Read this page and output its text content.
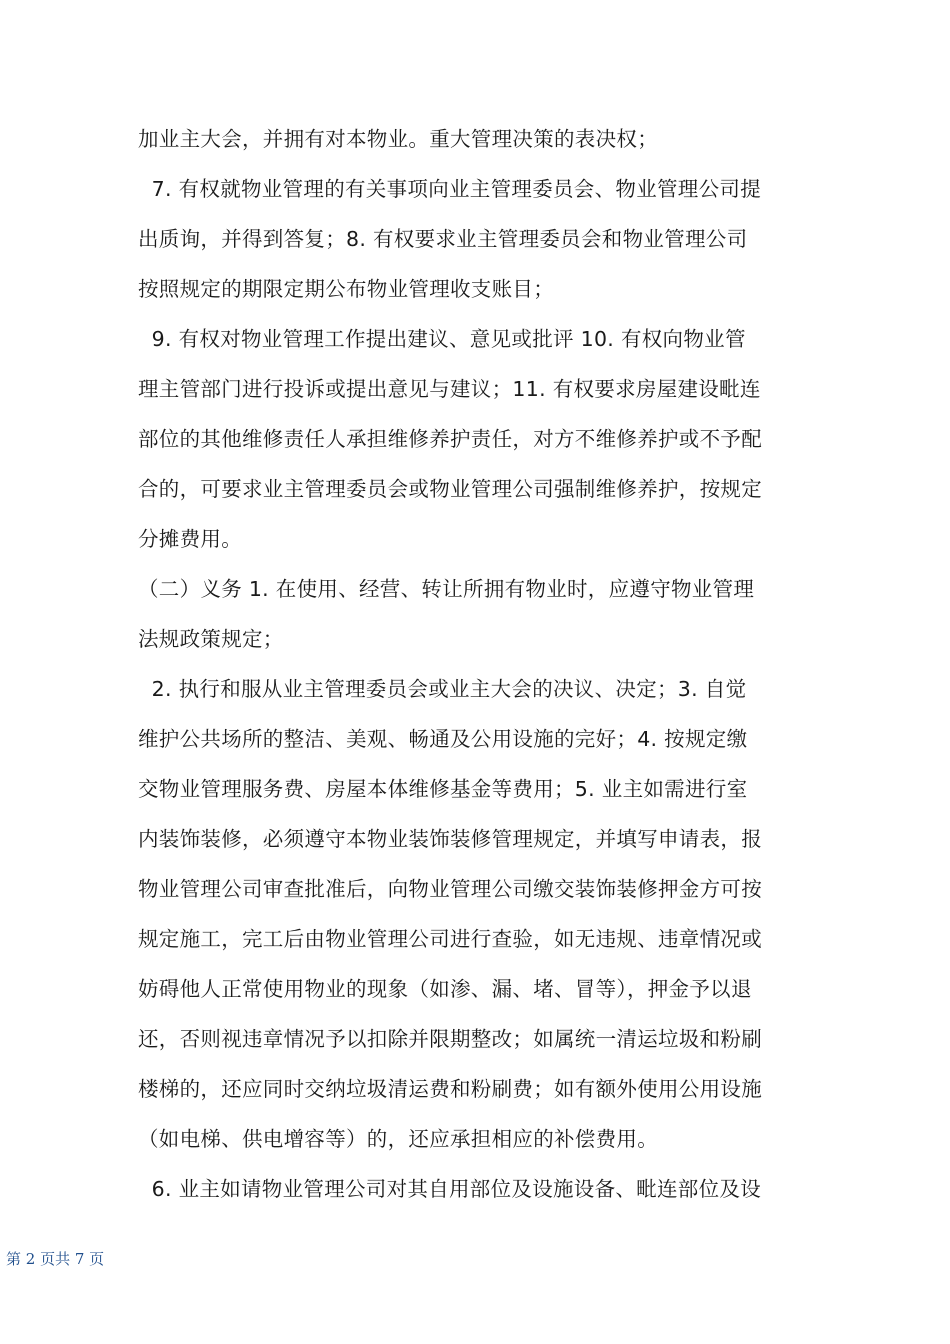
加业主大会，并拥有对本物业。重大管理决策的表决权；
7. 有权就物业管理的有关事项向业主管理委员会、物业管理公司提
出质询，并得到答复；8. 有权要求业主管理委员会和物业管理公司
按照规定的期限定期公布物业管理收支账目；
9. 有权对物业管理工作提出建议、意见或批评 10. 有权向物业管
理主管部门进行投诉或提出意见与建议；11. 有权要求房屋建设毗连
部位的其他维修责任人承担维修养护责任，对方不维修养护或不予配
合的，可要求业主管理委员会或物业管理公司强制维修养护，按规定
分摊费用。
（二）义务 1. 在使用、经营、转让所拥有物业时，应遵守物业管理
法规政策规定；
2. 执行和服从业主管理委员会或业主大会的决议、决定；3. 自觉
维护公共场所的整洁、美观、畅通及公用设施的完好；4. 按规定缴
交物业管理服务费、房屋本体维修基金等费用；5. 业主如需进行室
内装饰装修，必须遵守本物业装饰装修管理规定，并填写申请表，报
物业管理公司审查批准后，向物业管理公司缴交装饰装修押金方可按
规定施工，完工后由物业管理公司进行查验，如无违规、违章情况或
妨碍他人正常使用物业的现象（如渗、漏、堵、冒等），押金予以退
还，否则视违章情况予以扣除并限期整改；如属统一清运垃圾和粉刷
楼梯的，还应同时交纳垃圾清运费和粉刷费；如有额外使用公用设施
（如电梯、供电增容等）的，还应承担相应的补偿费用。
6. 业主如请物业管理公司对其自用部位及设施设备、毗连部位及设
第 2 页共 7 页
